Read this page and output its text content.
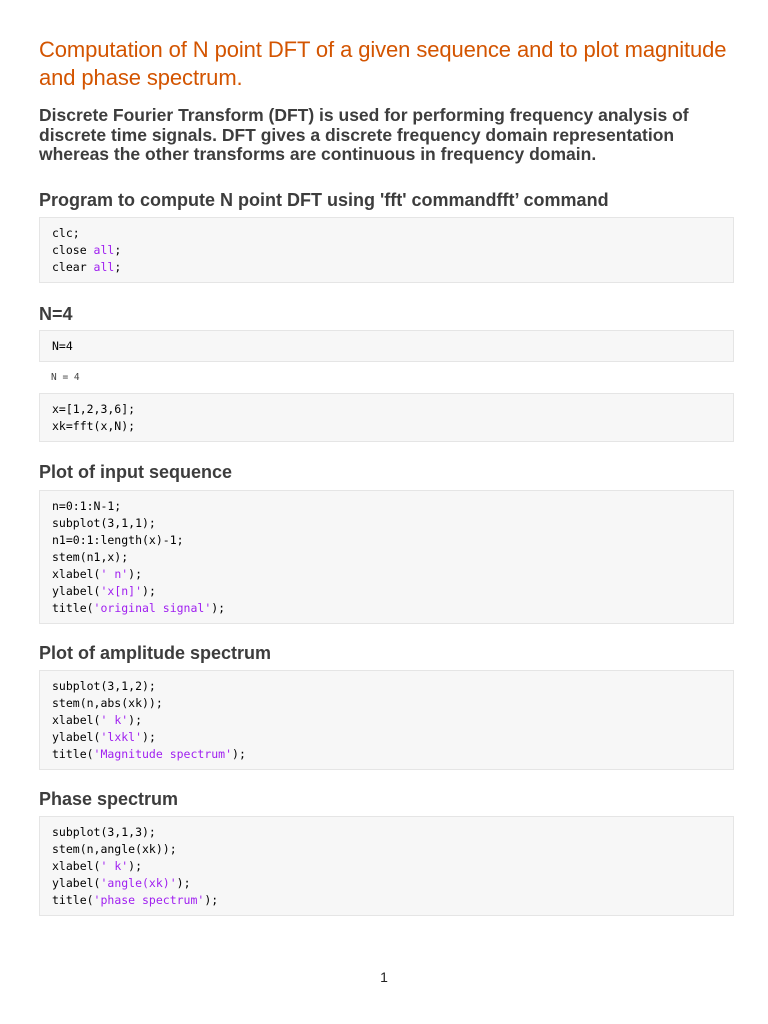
Computation of N point DFT of a given sequence and to plot magnitude and phase spectrum.
Discrete Fourier Transform (DFT) is used for performing frequency analysis of discrete time signals. DFT gives a discrete frequency domain representation whereas the other transforms are continuous in frequency domain.
Program to compute N point DFT using 'fft' commandfft’ command
clc;
close all;
clear all;
N=4
N=4
N = 4
x=[1,2,3,6];
xk=fft(x,N);
Plot of input sequence
n=0:1:N-1;
subplot(3,1,1);
n1=0:1:length(x)-1;
stem(n1,x);
xlabel(' n');
ylabel('x[n]');
title('original signal');
Plot of amplitude spectrum
subplot(3,1,2);
stem(n,abs(xk));
xlabel(' k');
ylabel('lxkl');
title('Magnitude spectrum');
Phase spectrum
subplot(3,1,3);
stem(n,angle(xk));
xlabel(' k');
ylabel('angle(xk)');
title('phase spectrum');
1
